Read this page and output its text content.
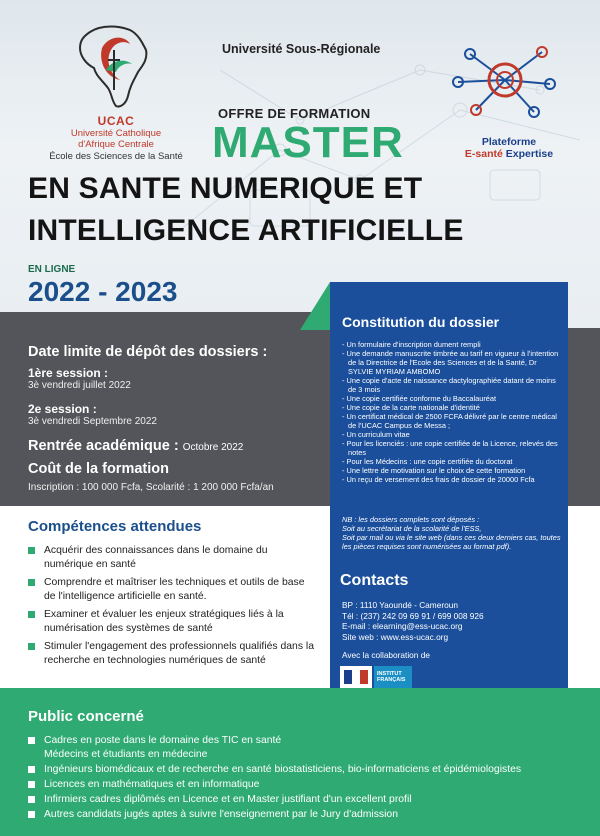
UCAC
Université Catholique
d'Afrique Centrale
École des Sciences de la Santé
Université Sous-Régionale
OFFRE DE FORMATION
MASTER	Plateforme
E-santé Expertise
EN SANTE NUMERIQUE ET
INTELLIGENCE ARTIFICIELLE
EN LIGNE
2022 - 2023
Date limite de dépôt des dossiers :
1ère session :
3è vendredi juillet 2022
2e session :
3è vendredi Septembre 2022
Rentrée académique : Octobre 2022
Coût de la formation
Inscription : 100 000 Fcfa, Scolarité : 1 200 000 Fcfa/an
Constitution du dossier
- Un formulaire d'inscription dument rempli
- Une demande manuscrite timbrée au tarif en vigueur à l'intention de la Directrice de l'Ecole des Sciences et de la Santé, Dr SYLVIE MYRIAM AMBOMO
- Une copie d'acte de naissance dactylographiée datant de moins de 3 mois
- Une copie certifiée conforme du Baccalauréat
- Une copie de la carte nationale d'identité
- Un certificat médical de 2500 FCFA délivré par le centre médical de l'UCAC Campus de Messa ;
- Un curriculum vitae
- Pour les licenciés : une copie certifiée de la Licence, relevés des notes
- Pour les Médecins : une copie certifiée du doctorat
- Une lettre de motivation sur le choix de cette formation
- Un reçu de versement des frais de dossier de 20000 Fcfa
NB : les dossiers complets sont déposés :
Soit au secrétariat de la scolarité de l'ESS,
Soit par mail ou via le site web (dans ces deux derniers cas, toutes les pièces requises sont numérisées au format pdf).
Contacts
BP : 1110 Yaoundé - Cameroun
Tél : (237) 242 09 69 91 / 699 008 926
E-mail : elearning@ess-ucac.org
Site web : www.ess-ucac.org
Avec la collaboration de
INSTITUT
FRANÇAIS
Compétences attendues
Acquérir des connaissances dans le domaine du numérique en santé
Comprendre et maîtriser les techniques et outils de base de l'intelligence artificielle en santé.
Examiner et évaluer les enjeux stratégiques liés à la numérisation des systèmes de santé
Stimuler l'engagement des professionnels qualifiés dans la recherche en technologies numériques de santé
Public concerné
Cadres en poste dans le domaine des TIC en santé
Médecins et étudiants en médecine
Ingénieurs biomédicaux et de recherche en santé biostatisticiens, bio-informaticiens et épidémiologistes
Licences en mathématiques et en informatique
Infirmiers cadres diplômés en Licence et en Master justifiant d'un excellent profil
Autres candidats jugés aptes à suivre l'enseignement par le Jury d'admission
